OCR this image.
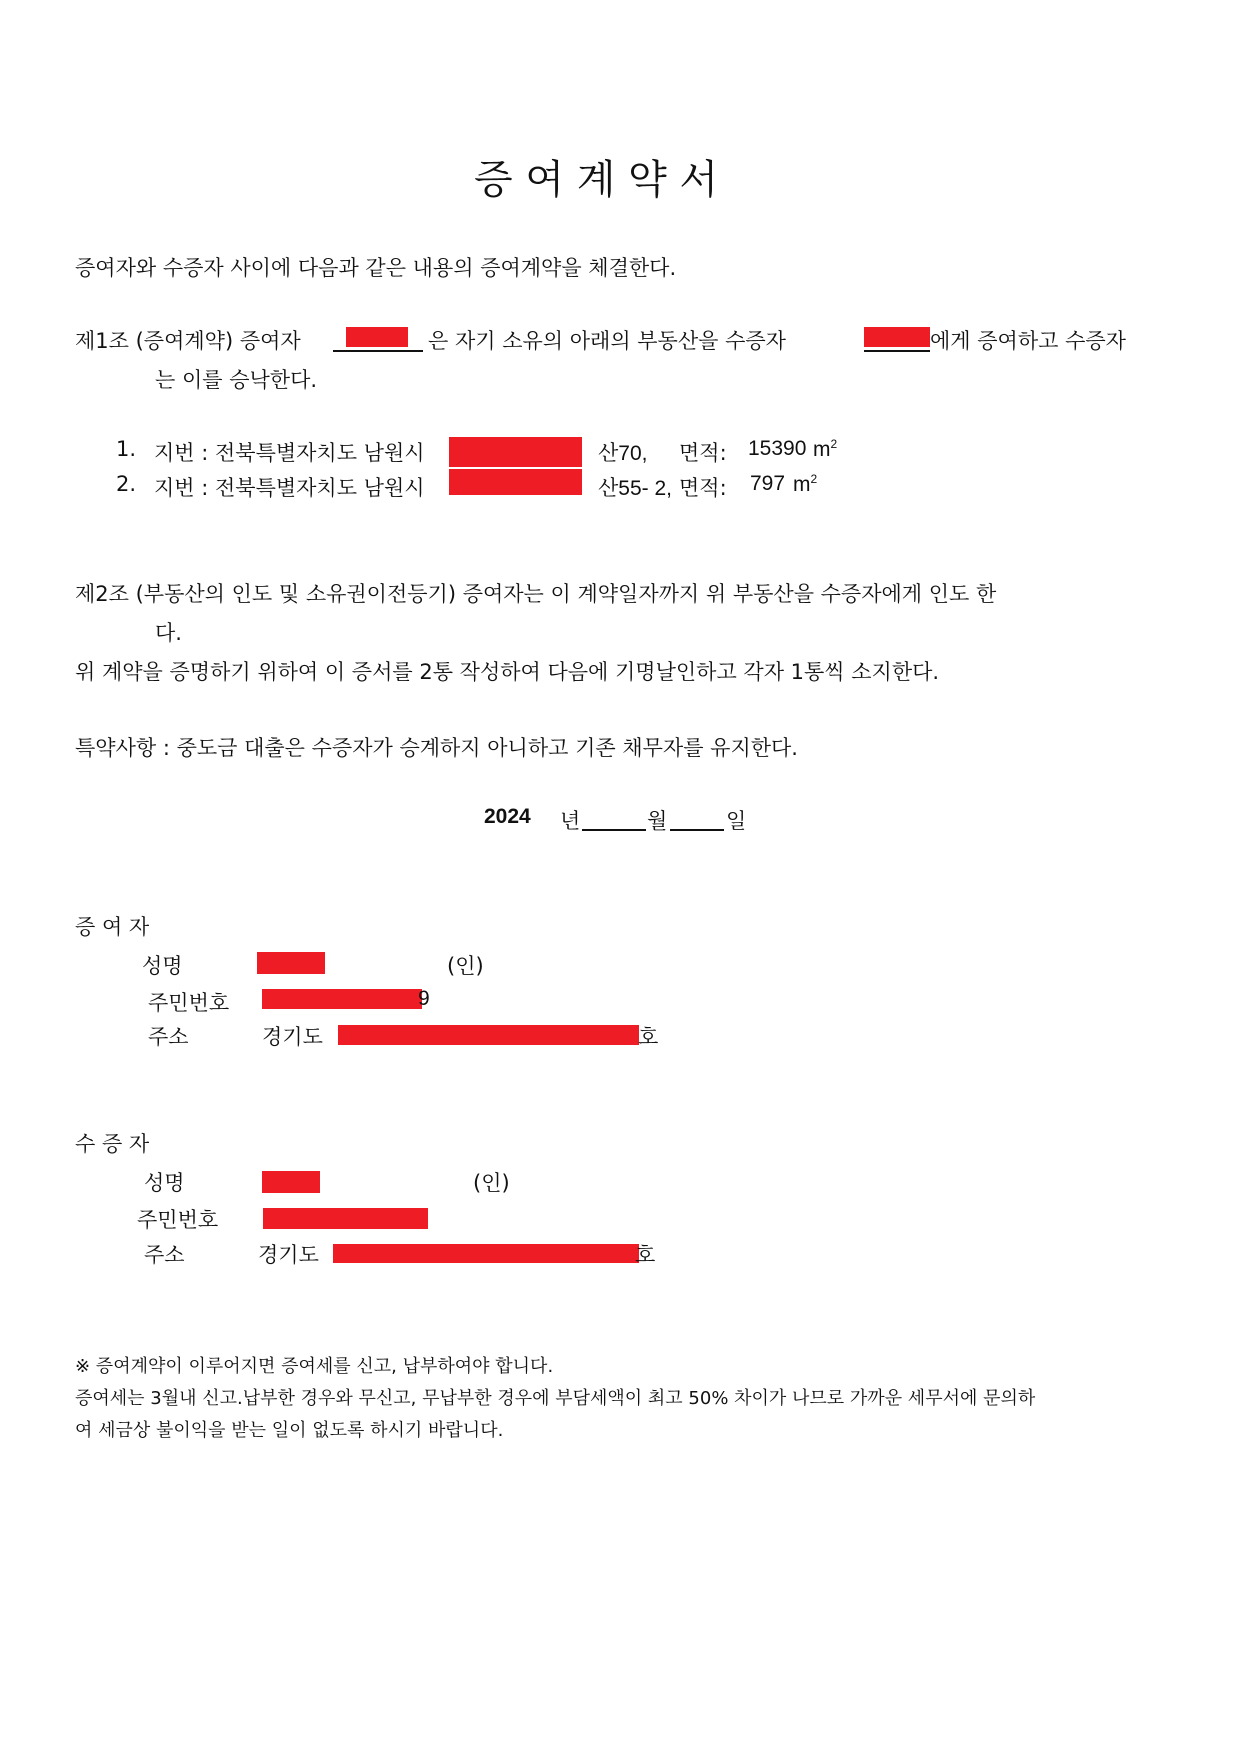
증 여 계 약 서
증여자와 수증자 사이에 다음과 같은 내용의 증여계약을 체결한다.
제1조 (증여계약) 증여자	은 자기 소유의 아래의 부동산을 수증자	에게 증여하고 수증자
는 이를 승낙한다.
1. 지번 : 전북특별자치도 남원시	산70, 면적: 15390 $m^2$
2. 지번 : 전북특별자치도 남원시	산55- 2, 면적: 797 $m^2$
제2조 (부동산의 인도 및 소유권이전등기) 증여자는 이 계약일자까지 위 부동산을 수증자에게 인도 한
다.
위 계약을 증명하기 위하여 이 증서를 2통 작성하여 다음에 기명날인하고 각자 1통씩 소지한다.
특약사항 : 중도금 대출은 수증자가 승계하지 아니하고 기존 채무자를 유지한다.
2024 년	월	일
증 여 자
성명	(인)
주민번호	9
주소	경기도	호
수 증 자
성명	(인)
주민번호
주소	경기도	호
※ 증여계약이 이루어지면 증여세를 신고, 납부하여야 합니다.
증여세는 3월내 신고.납부한 경우와 무신고, 무납부한 경우에 부담세액이 최고 50% 차이가 나므로 가까운 세무서에 문의하
여 세금상 불이익을 받는 일이 없도록 하시기 바랍니다.
